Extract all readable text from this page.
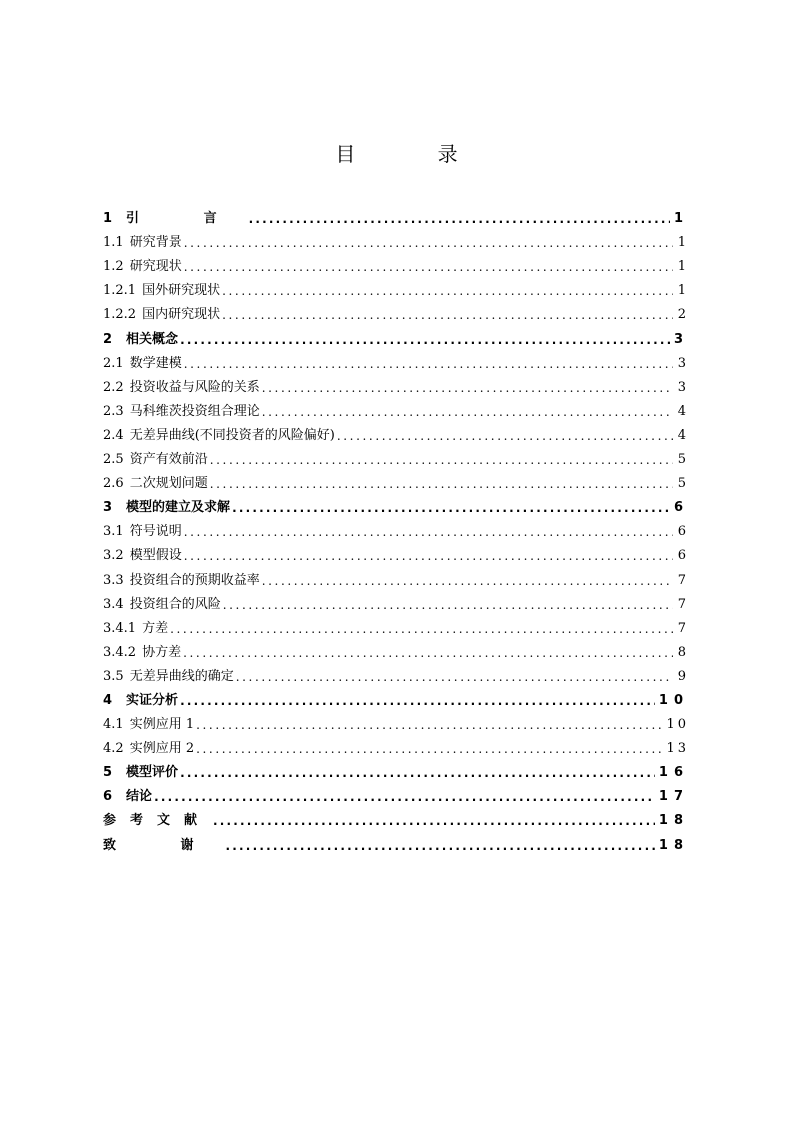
目 录
1 引 言 .....	1
1.1 研究背景 .....	1
1.2 研究现状 .....	1
1.2.1 国外研究现状 .....	1
1.2.2 国内研究现状 .....	2
2 相关概念 .....	3
2.1 数学建模 .....	3
2.2 投资收益与风险的关系 .....	3
2.3 马科维茨投资组合理论 .....	4
2.4 无差异曲线(不同投资者的风险偏好) .....	4
2.5 资产有效前沿 .....	5
2.6 二次规划问题 .....	5
3 模型的建立及求解 .....	6
3.1 符号说明 .....	6
3.2 模型假设 .....	6
3.3 投资组合的预期收益率 .....	7
3.4 投资组合的风险 .....	7
3.4.1 方差 .....	7
3.4.2 协方差 .....	8
3.5 无差异曲线的确定 .....	9
4 实证分析 .....	10
4.1 实例应用 1 .....	10
4.2 实例应用 2 .....	13
5 模型评价 .....	16
6 结论 .....	17
参考文献 .....	18
致 谢 .....	18
